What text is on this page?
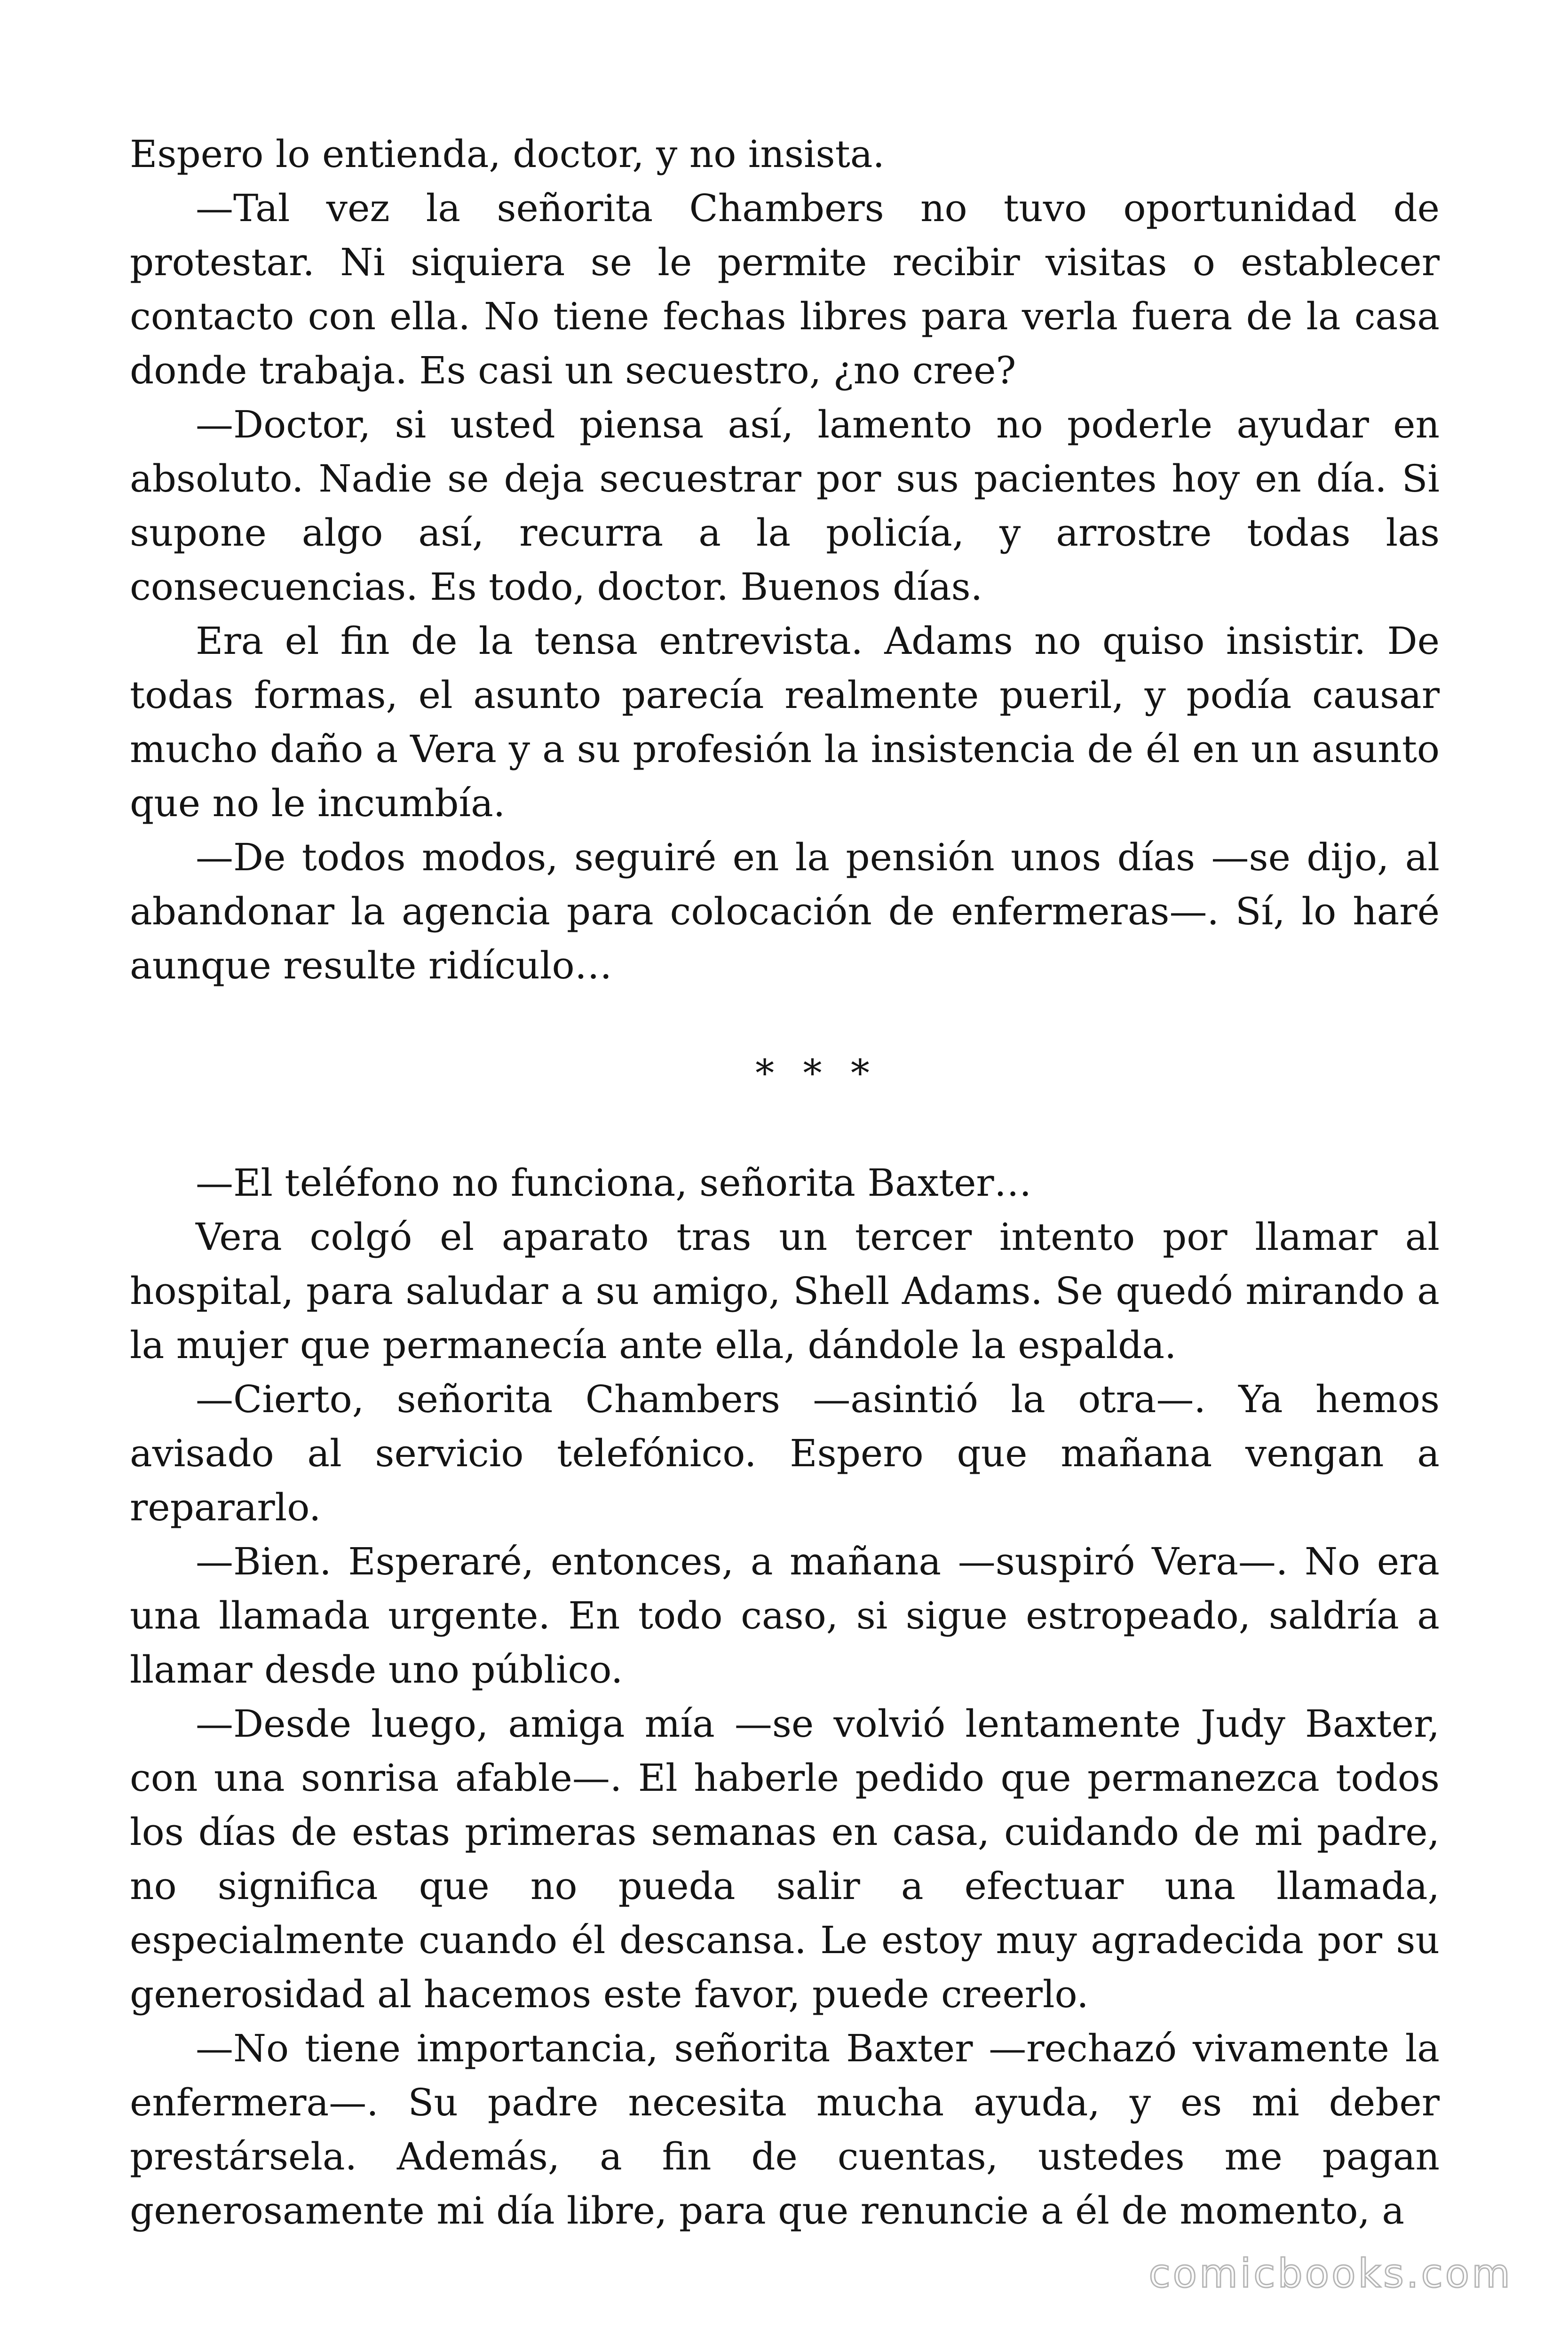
Espero lo entienda, doctor, y no insista.

—Tal vez la señorita Chambers no tuvo oportunidad de protestar. Ni siquiera se le permite recibir visitas o establecer contacto con ella. No tiene fechas libres para verla fuera de la casa donde trabaja. Es casi un secuestro, ¿no cree?

—Doctor, si usted piensa así, lamento no poderle ayudar en absoluto. Nadie se deja secuestrar por sus pacientes hoy en día. Si supone algo así, recurra a la policía, y arrostre todas las consecuencias. Es todo, doctor. Buenos días.

Era el fin de la tensa entrevista. Adams no quiso insistir. De todas formas, el asunto parecía realmente pueril, y podía causar mucho daño a Vera y a su profesión la insistencia de él en un asunto que no le incumbía.

—De todos modos, seguiré en la pensión unos días —se dijo, al abandonar la agencia para colocación de enfermeras—. Sí, lo haré aunque resulte ridículo…

* * *

—El teléfono no funciona, señorita Baxter…

Vera colgó el aparato tras un tercer intento por llamar al hospital, para saludar a su amigo, Shell Adams. Se quedó mirando a la mujer que permanecía ante ella, dándole la espalda.

—Cierto, señorita Chambers —asintió la otra—. Ya hemos avisado al servicio telefónico. Espero que mañana vengan a repararlo.

—Bien. Esperaré, entonces, a mañana —suspiró Vera—. No era una llamada urgente. En todo caso, si sigue estropeado, saldría a llamar desde uno público.

—Desde luego, amiga mía —se volvió lentamente Judy Baxter, con una sonrisa afable—. El haberle pedido que permanezca todos los días de estas primeras semanas en casa, cuidando de mi padre, no significa que no pueda salir a efectuar una llamada, especialmente cuando él descansa. Le estoy muy agradecida por su generosidad al hacemos este favor, puede creerlo.

—No tiene importancia, señorita Baxter —rechazó vivamente la enfermera—. Su padre necesita mucha ayuda, y es mi deber prestársela. Además, a fin de cuentas, ustedes me pagan generosamente mi día libre, para que renuncie a él de momento, a

comicbooks.com
